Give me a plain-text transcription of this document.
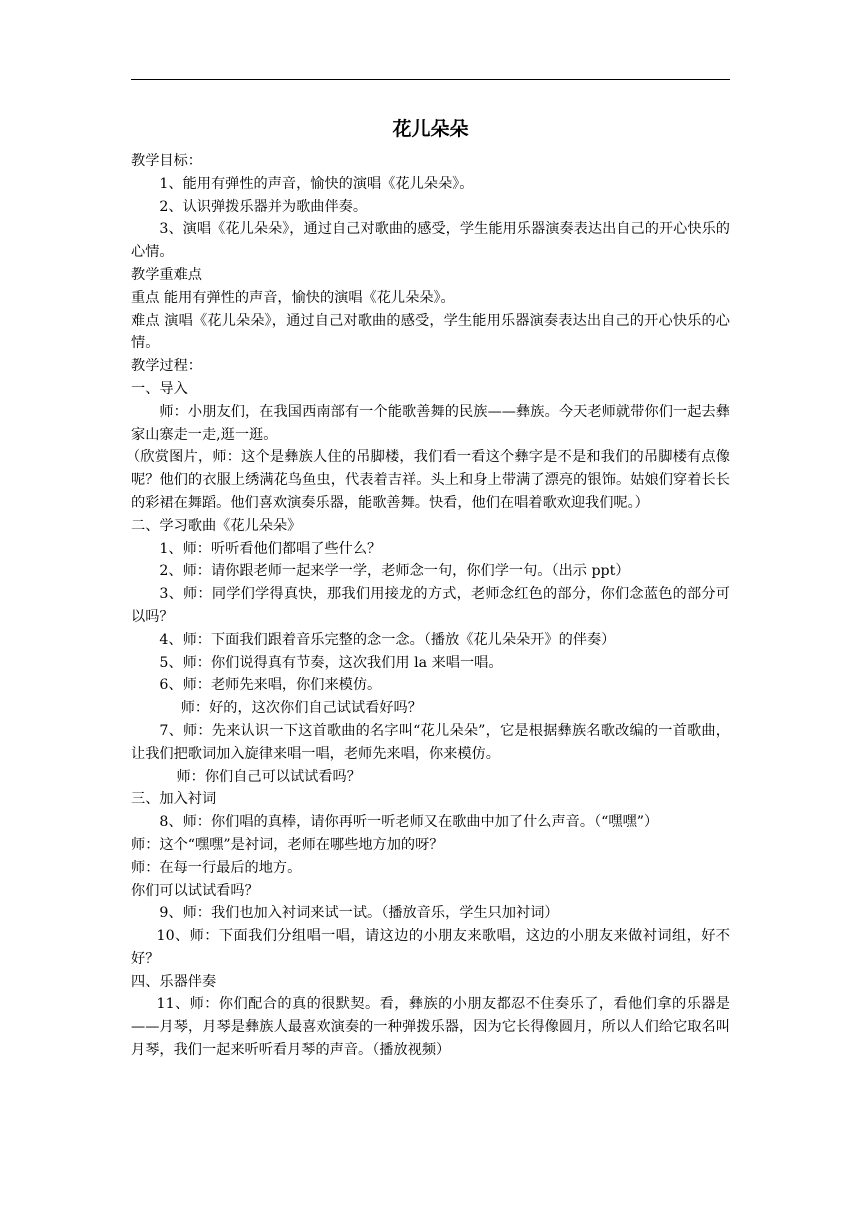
花儿朵朵

教学目标：

1、能用有弹性的声音，愉快的演唱《花儿朵朵》。

2、认识弹拨乐器并为歌曲伴奏。

3、演唱《花儿朵朵》，通过自己对歌曲的感受，学生能用乐器演奏表达出自己的开心快乐的心情。

教学重难点

重点 能用有弹性的声音，愉快的演唱《花儿朵朵》。

难点 演唱《花儿朵朵》，通过自己对歌曲的感受，学生能用乐器演奏表达出自己的开心快乐的心情。

教学过程：

一、导入

师：小朋友们，在我国西南部有一个能歌善舞的民族——彝族。今天老师就带你们一起去彝家山寨走一走,逛一逛。

（欣赏图片，师：这个是彝族人住的吊脚楼，我们看一看这个彝字是不是和我们的吊脚楼有点像呢？他们的衣服上绣满花鸟鱼虫，代表着吉祥。头上和身上带满了漂亮的银饰。姑娘们穿着长长的彩裙在舞蹈。他们喜欢演奏乐器，能歌善舞。快看，他们在唱着歌欢迎我们呢。）

二、学习歌曲《花儿朵朵》

1、师：听听看他们都唱了些什么？

2、师：请你跟老师一起来学一学，老师念一句，你们学一句。（出示 ppt）

3、师：同学们学得真快，那我们用接龙的方式，老师念红色的部分，你们念蓝色的部分可以吗？

4、师：下面我们跟着音乐完整的念一念。（播放《花儿朵朵开》的伴奏）

5、师：你们说得真有节奏，这次我们用 la 来唱一唱。

6、师：老师先来唱，你们来模仿。

师：好的，这次你们自己试试看好吗？

7、师：先来认识一下这首歌曲的名字叫“花儿朵朵”，它是根据彝族名歌改编的一首歌曲，让我们把歌词加入旋律来唱一唱，老师先来唱，你来模仿。

师：你们自己可以试试看吗？

三、加入衬词

8、师：你们唱的真棒，请你再听一听老师又在歌曲中加了什么声音。（“嘿嘿”）

师：这个“嘿嘿”是衬词，老师在哪些地方加的呀？

师：在每一行最后的地方。

你们可以试试看吗？

9、师：我们也加入衬词来试一试。（播放音乐，学生只加衬词）

10、师：下面我们分组唱一唱，请这边的小朋友来歌唱，这边的小朋友来做衬词组，好不好？

四、乐器伴奏

11、师：你们配合的真的很默契。看，彝族的小朋友都忍不住奏乐了，看他们拿的乐器是——月琴，月琴是彝族人最喜欢演奏的一种弹拨乐器，因为它长得像圆月，所以人们给它取名叫月琴，我们一起来听听看月琴的声音。（播放视频）
